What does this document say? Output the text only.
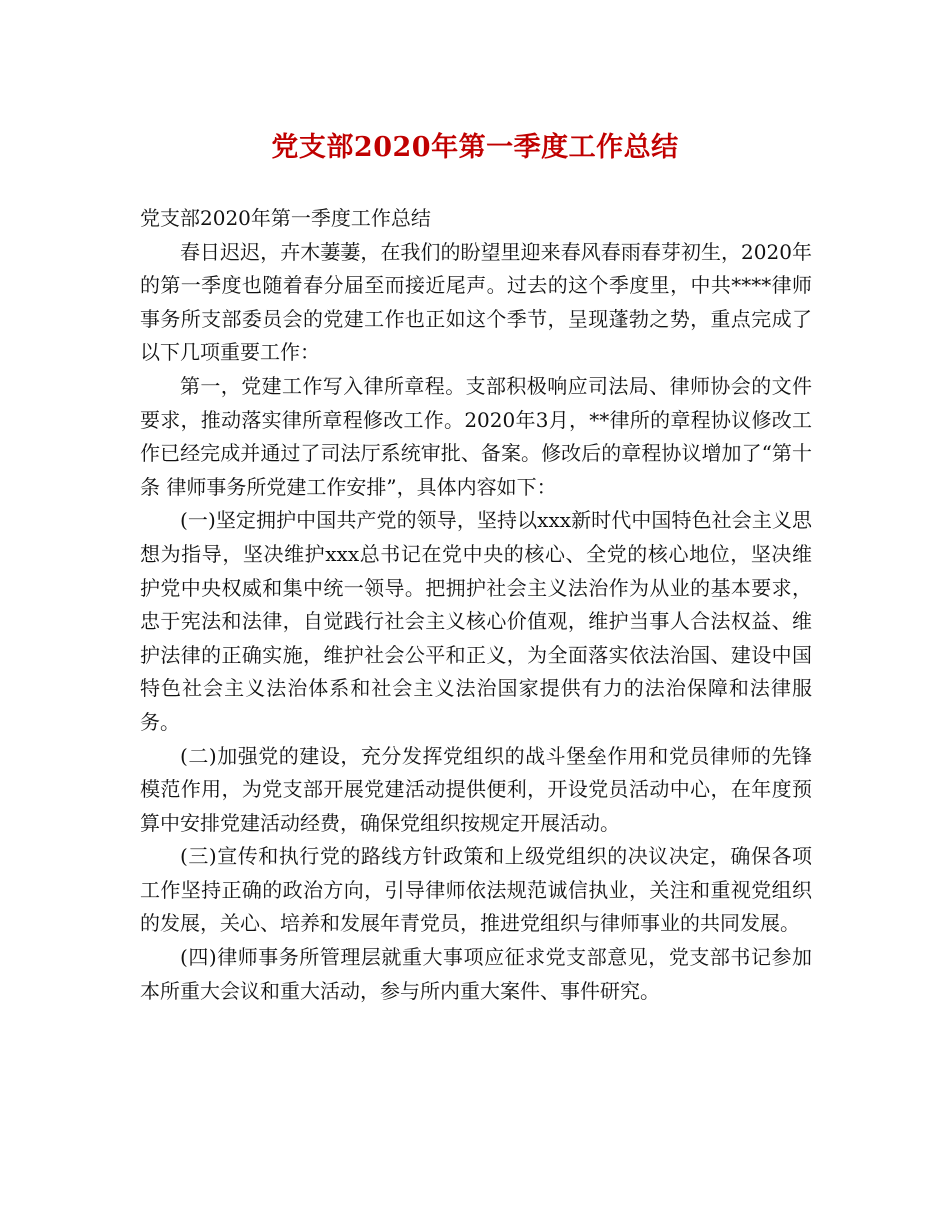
党支部2020年第一季度工作总结

党支部2020年第一季度工作总结

春日迟迟，卉木萋萋，在我们的盼望里迎来春风春雨春芽初生，2020年的第一季度也随着春分届至而接近尾声。过去的这个季度里，中共****律师事务所支部委员会的党建工作也正如这个季节，呈现蓬勃之势，重点完成了以下几项重要工作：

第一，党建工作写入律所章程。支部积极响应司法局、律师协会的文件要求，推动落实律所章程修改工作。2020年3月，**律所的章程协议修改工作已经完成并通过了司法厅系统审批、备案。修改后的章程协议增加了“第十条 律师事务所党建工作安排”，具体内容如下：

(一)坚定拥护中国共产党的领导，坚持以xxx新时代中国特色社会主义思想为指导，坚决维护xxx总书记在党中央的核心、全党的核心地位，坚决维护党中央权威和集中统一领导。把拥护社会主义法治作为从业的基本要求，忠于宪法和法律，自觉践行社会主义核心价值观，维护当事人合法权益、维护法律的正确实施，维护社会公平和正义，为全面落实依法治国、建设中国特色社会主义法治体系和社会主义法治国家提供有力的法治保障和法律服务。

(二)加强党的建设，充分发挥党组织的战斗堡垒作用和党员律师的先锋模范作用，为党支部开展党建活动提供便利，开设党员活动中心，在年度预算中安排党建活动经费，确保党组织按规定开展活动。

(三)宣传和执行党的路线方针政策和上级党组织的决议决定，确保各项工作坚持正确的政治方向，引导律师依法规范诚信执业，关注和重视党组织的发展，关心、培养和发展年青党员，推进党组织与律师事业的共同发展。

(四)律师事务所管理层就重大事项应征求党支部意见，党支部书记参加本所重大会议和重大活动，参与所内重大案件、事件研究。
